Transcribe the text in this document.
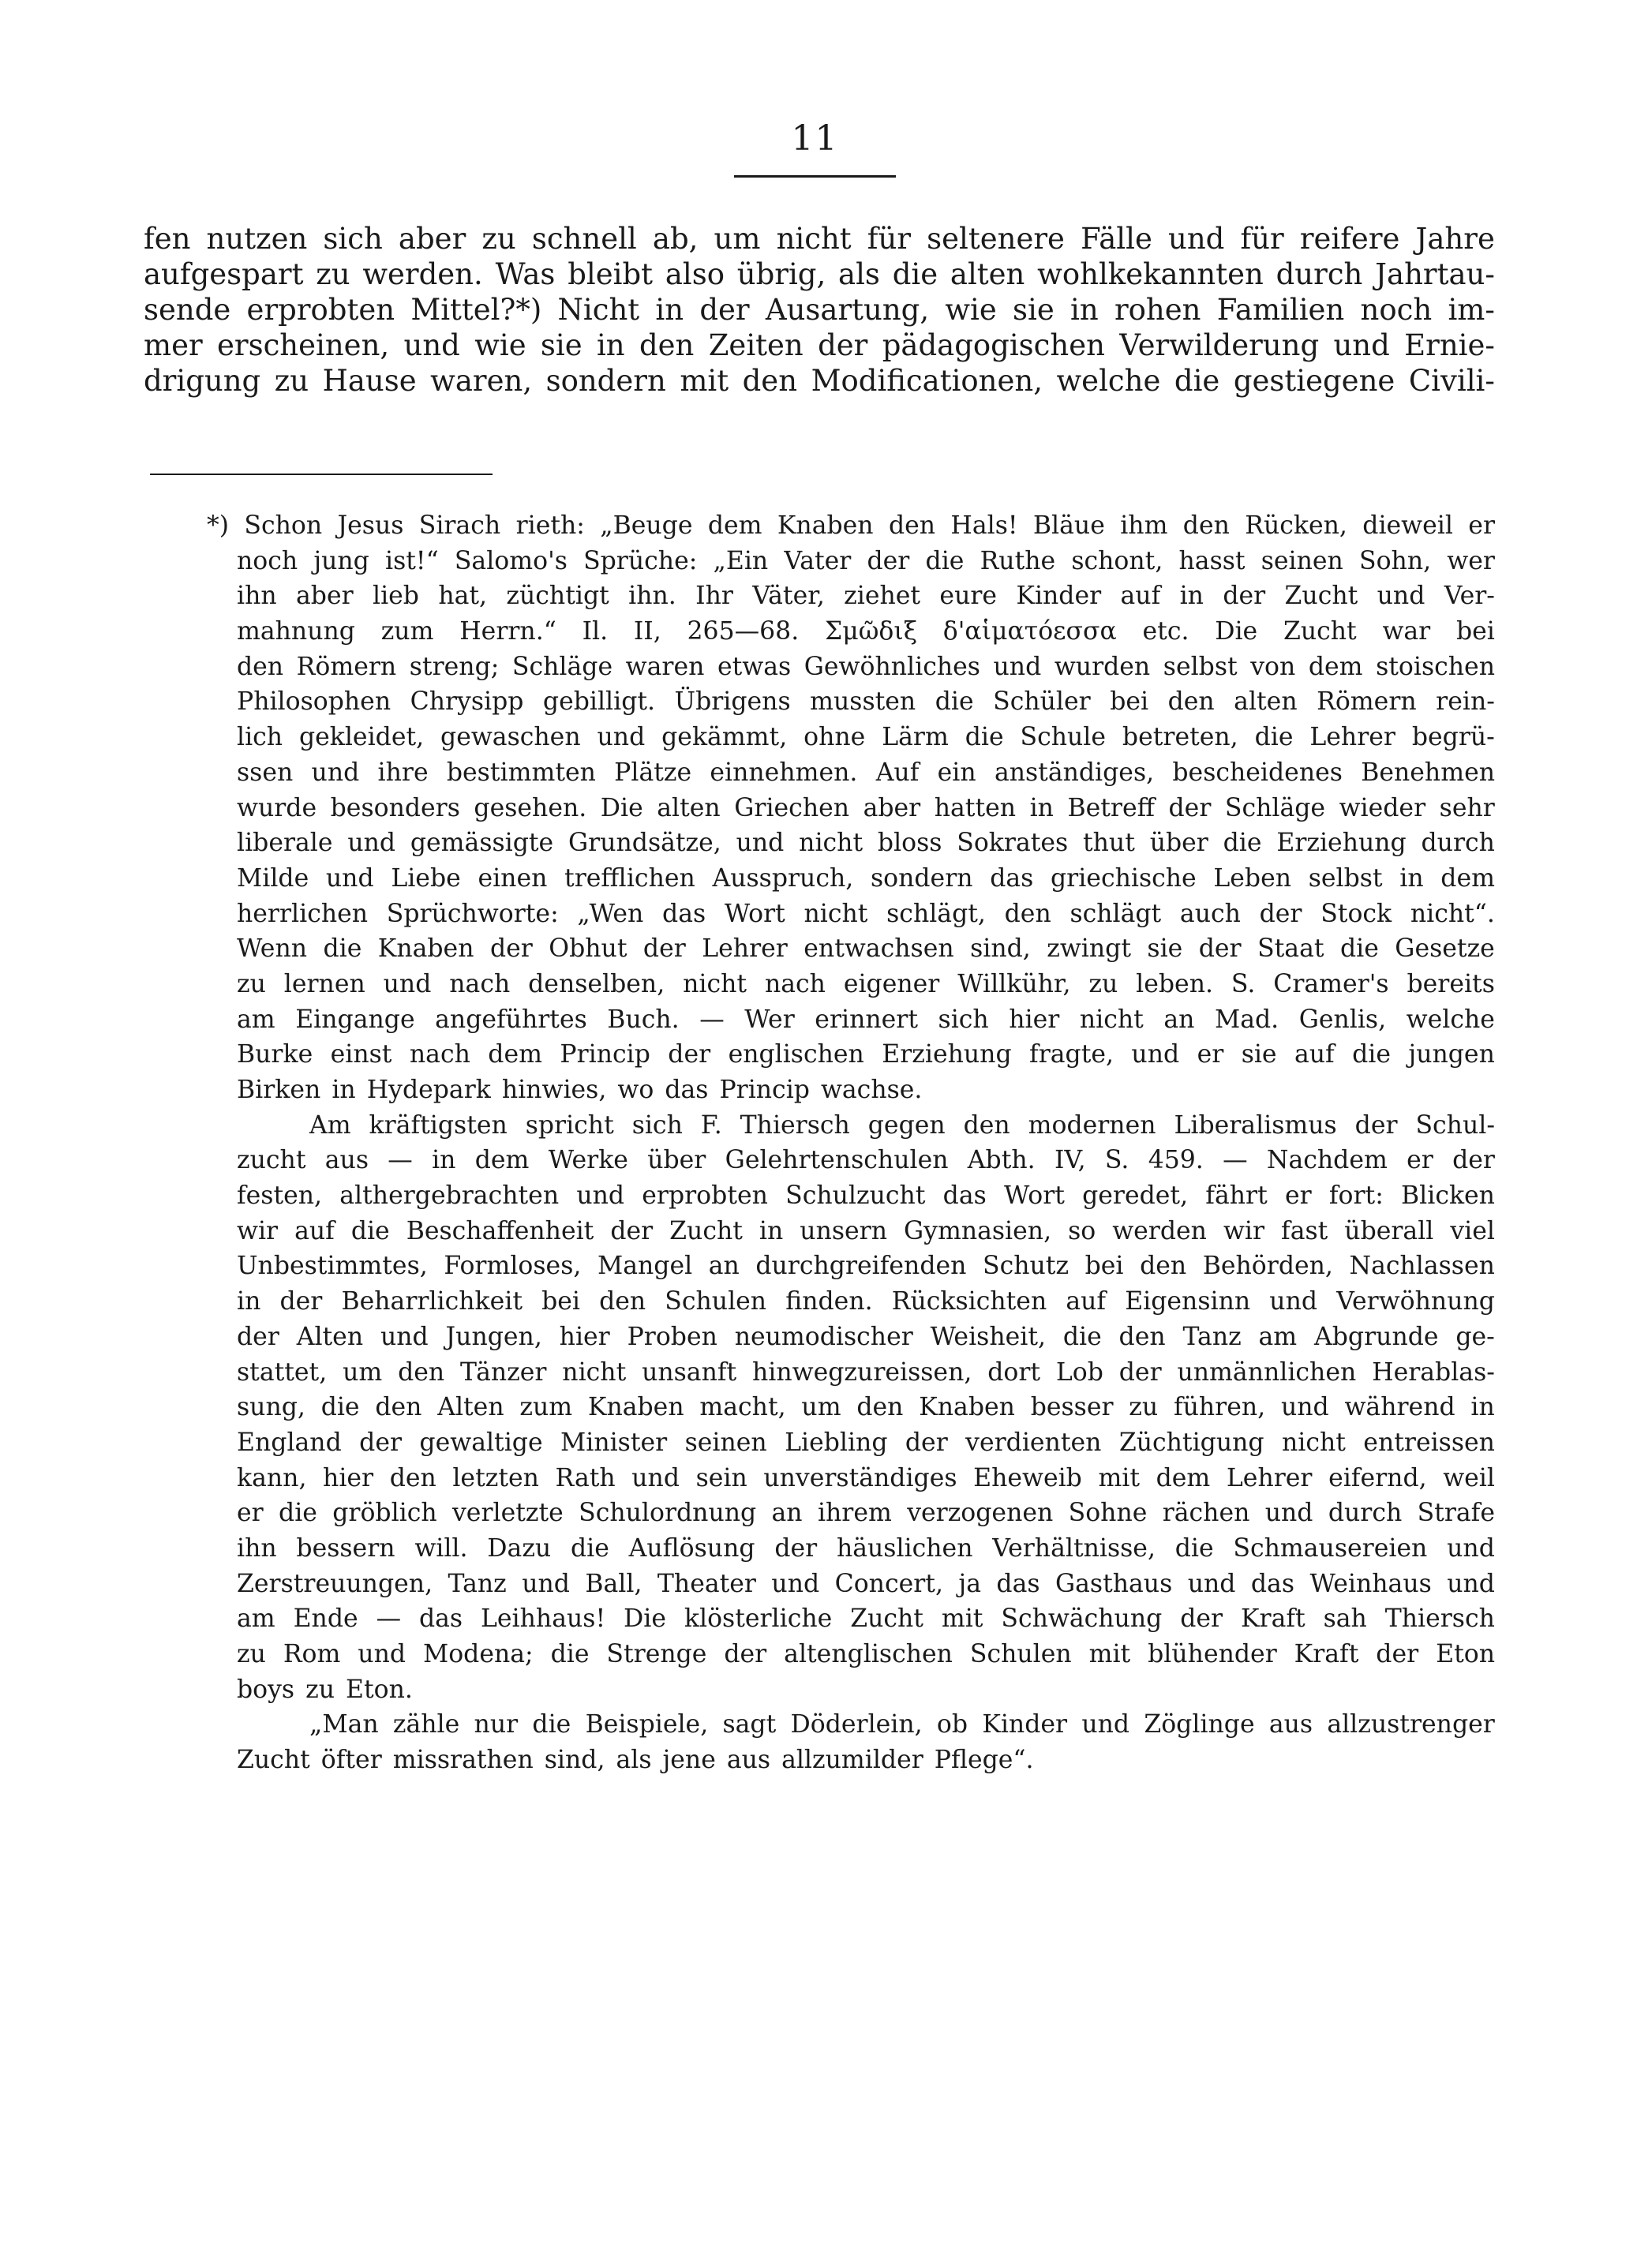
11
fen nutzen sich aber zu schnell ab, um nicht für seltenere Fälle und für reifere Jahre
aufgespart zu werden. Was bleibt also übrig, als die alten wohlkekannten durch Jahrtau-
sende erprobten Mittel?*) Nicht in der Ausartung, wie sie in rohen Familien noch im-
mer erscheinen, und wie sie in den Zeiten der pädagogischen Verwilderung und Ernie-
drigung zu Hause waren, sondern mit den Modificationen, welche die gestiegene Civili-
*) Schon Jesus Sirach rieth: „Beuge dem Knaben den Hals! Bläue ihm den Rücken, dieweil er
noch jung ist!“ Salomo's Sprüche: „Ein Vater der die Ruthe schont, hasst seinen Sohn, wer
ihn aber lieb hat, züchtigt ihn. Ihr Väter, ziehet eure Kinder auf in der Zucht und Ver-
mahnung zum Herrn.“ Il. II, 265—68. Σμῶδιξ δ'αἱματόεσσα etc. Die Zucht war bei
den Römern streng; Schläge waren etwas Gewöhnliches und wurden selbst von dem stoischen
Philosophen Chrysipp gebilligt. Übrigens mussten die Schüler bei den alten Römern rein-
lich gekleidet, gewaschen und gekämmt, ohne Lärm die Schule betreten, die Lehrer begrü-
ssen und ihre bestimmten Plätze einnehmen. Auf ein anständiges, bescheidenes Benehmen
wurde besonders gesehen. Die alten Griechen aber hatten in Betreff der Schläge wieder sehr
liberale und gemässigte Grundsätze, und nicht bloss Sokrates thut über die Erziehung durch
Milde und Liebe einen trefflichen Ausspruch, sondern das griechische Leben selbst in dem
herrlichen Sprüchworte: „Wen das Wort nicht schlägt, den schlägt auch der Stock nicht“.
Wenn die Knaben der Obhut der Lehrer entwachsen sind, zwingt sie der Staat die Gesetze
zu lernen und nach denselben, nicht nach eigener Willkühr, zu leben. S. Cramer's bereits
am Eingange angeführtes Buch. — Wer erinnert sich hier nicht an Mad. Genlis, welche
Burke einst nach dem Princip der englischen Erziehung fragte, und er sie auf die jungen
Birken in Hydepark hinwies, wo das Princip wachse.
Am kräftigsten spricht sich F. Thiersch gegen den modernen Liberalismus der Schul-
zucht aus — in dem Werke über Gelehrtenschulen Abth. IV, S. 459. — Nachdem er der
festen, althergebrachten und erprobten Schulzucht das Wort geredet, fährt er fort: Blicken
wir auf die Beschaffenheit der Zucht in unsern Gymnasien, so werden wir fast überall viel
Unbestimmtes, Formloses, Mangel an durchgreifenden Schutz bei den Behörden, Nachlassen
in der Beharrlichkeit bei den Schulen finden. Rücksichten auf Eigensinn und Verwöhnung
der Alten und Jungen, hier Proben neumodischer Weisheit, die den Tanz am Abgrunde ge-
stattet, um den Tänzer nicht unsanft hinwegzureissen, dort Lob der unmännlichen Herablas-
sung, die den Alten zum Knaben macht, um den Knaben besser zu führen, und während in
England der gewaltige Minister seinen Liebling der verdienten Züchtigung nicht entreissen
kann, hier den letzten Rath und sein unverständiges Eheweib mit dem Lehrer eifernd, weil
er die gröblich verletzte Schulordnung an ihrem verzogenen Sohne rächen und durch Strafe
ihn bessern will. Dazu die Auflösung der häuslichen Verhältnisse, die Schmausereien und
Zerstreuungen, Tanz und Ball, Theater und Concert, ja das Gasthaus und das Weinhaus und
am Ende — das Leihhaus! Die klösterliche Zucht mit Schwächung der Kraft sah Thiersch
zu Rom und Modena; die Strenge der altenglischen Schulen mit blühender Kraft der Eton
boys zu Eton.
„Man zähle nur die Beispiele, sagt Döderlein, ob Kinder und Zöglinge aus allzustrenger
Zucht öfter missrathen sind, als jene aus allzumilder Pflege“.
